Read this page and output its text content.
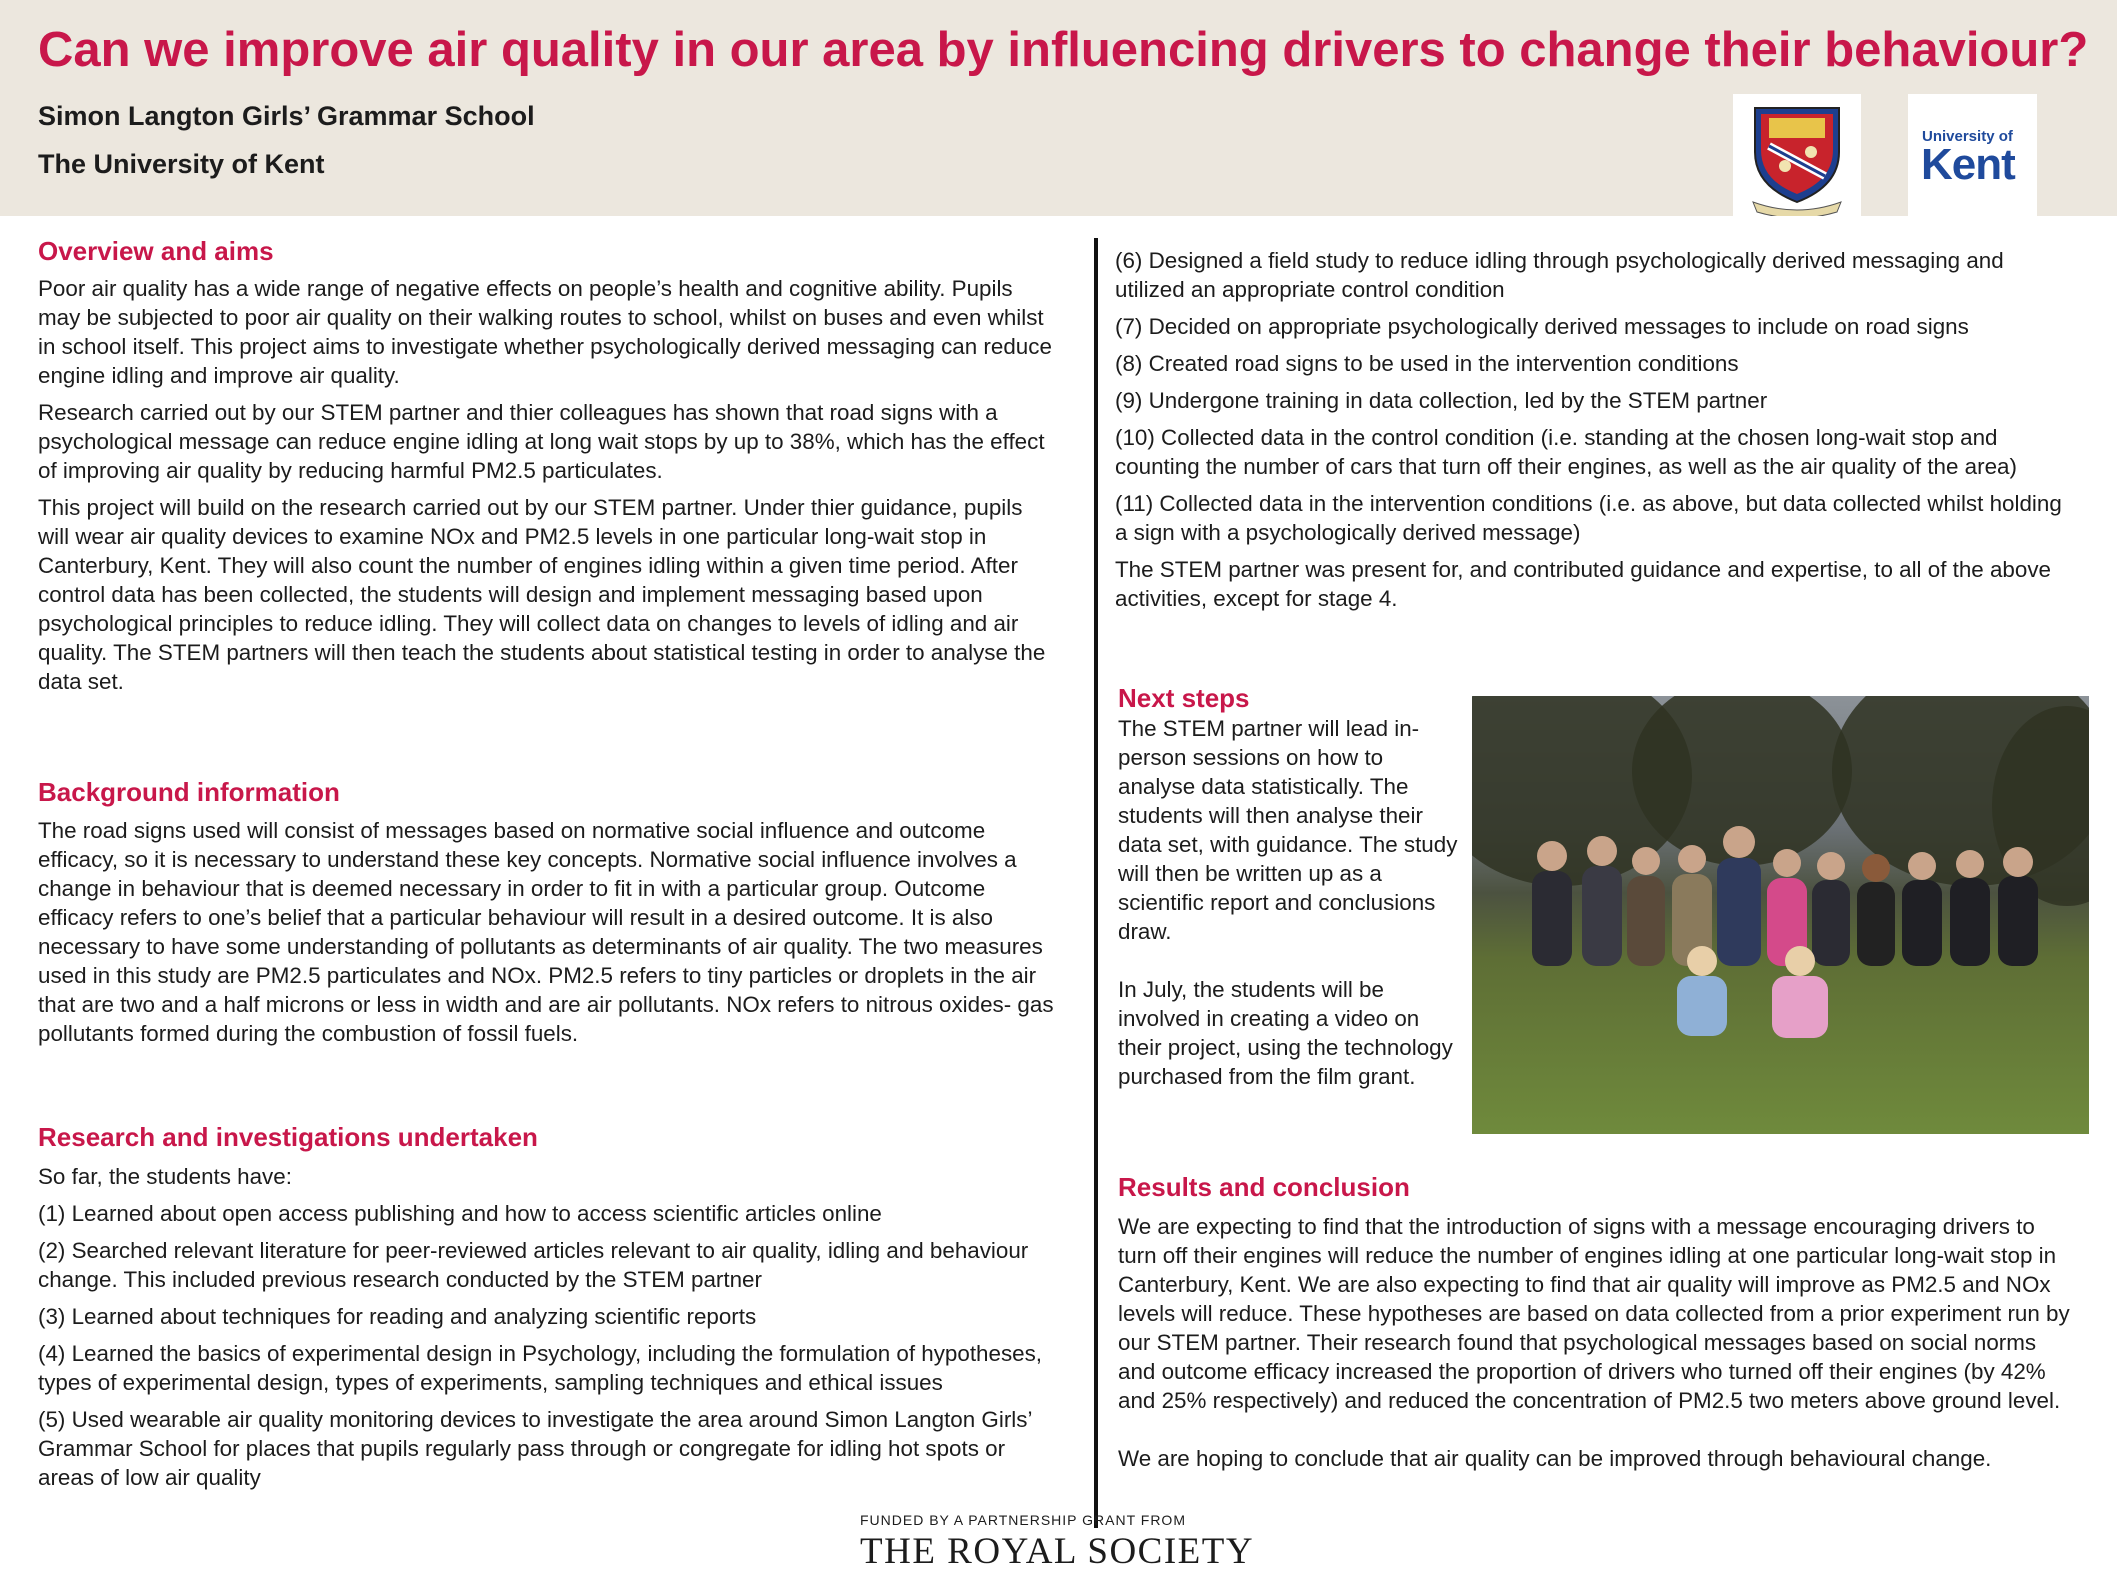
Can we improve air quality in our area by influencing drivers to change their behaviour?
Simon Langton Girls’ Grammar School
The University of Kent
University of
Kent
Overview and aims

Poor air quality has a wide range of negative effects on people’s health and cognitive ability. Pupils may be subjected to poor air quality on their walking routes to school, whilst on buses and even whilst in school itself. This project aims to investigate whether psychologically derived messaging can reduce engine idling and improve air quality.

Research carried out by our STEM partner and thier colleagues has shown that road signs with a psychological message can reduce engine idling at long wait stops by up to 38%, which has the effect of improving air quality by reducing harmful PM2.5 particulates.

This project will build on the research carried out by our STEM partner. Under thier guidance, pupils will wear air quality devices to examine NOx and PM2.5 levels in one particular long-wait stop in Canterbury, Kent. They will also count the number of engines idling within a given time period. After control data has been collected, the students will design and implement messaging based upon psychological principles to reduce idling. They will collect data on changes to levels of idling and air quality. The STEM partners will then teach the students about statistical testing in order to analyse the data set.

Background information

The road signs used will consist of messages based on normative social influence and outcome efficacy, so it is necessary to understand these key concepts. Normative social influence involves a change in behaviour that is deemed necessary in order to fit in with a particular group. Outcome efficacy refers to one’s belief that a particular behaviour will result in a desired outcome. It is also necessary to have some understanding of pollutants as determinants of air quality. The two measures used in this study are PM2.5 particulates and NOx. PM2.5 refers to tiny particles or droplets in the air that are two and a half microns or less in width and are air pollutants. NOx refers to nitrous oxides- gas pollutants formed during the combustion of fossil fuels.

Research and investigations undertaken

So far, the students have:

(1) Learned about open access publishing and how to access scientific articles online

(2) Searched relevant literature for peer-reviewed articles relevant to air quality, idling and behaviour change. This included previous research conducted by the STEM partner

(3) Learned about techniques for reading and analyzing scientific reports

(4) Learned the basics of experimental design in Psychology, including the formulation of hypotheses, types of experimental design, types of experiments, sampling techniques and ethical issues

(5) Used wearable air quality monitoring devices to investigate the area around Simon Langton Girls’ Grammar School for places that pupils regularly pass through or congregate for idling hot spots or areas of low air quality

(6) Designed a field study to reduce idling through psychologically derived messaging and utilized an appropriate control condition

(7) Decided on appropriate psychologically derived messages to include on road signs

(8) Created road signs to be used in the intervention conditions

(9) Undergone training in data collection, led by the STEM partner

(10) Collected data in the control condition (i.e. standing at the chosen long-wait stop and counting the number of cars that turn off their engines, as well as the air quality of the area)

(11) Collected data in the intervention conditions (i.e. as above, but data collected whilst holding a sign with a psychologically derived message)

The STEM partner was present for, and contributed guidance and expertise, to all of the above activities, except for stage 4.

Next steps

The STEM partner will lead in-person sessions on how to analyse data statistically. The students will then analyse their data set, with guidance. The study will then be written up as a scientific report and conclusions draw.

In July, the students will be involved in creating a video on their project, using the technology purchased from the film grant.

Results and conclusion

We are expecting to find that the introduction of signs with a message encouraging drivers to turn off their engines will reduce the number of engines idling at one particular long-wait stop in Canterbury, Kent. We are also expecting to find that air quality will improve as PM2.5 and NOx levels will reduce. These hypotheses are based on data collected from a prior experiment run by our STEM partner. Their research found that psychological messages based on social norms and outcome efficacy increased the proportion of drivers who turned off their engines (by 42% and 25% respectively) and reduced the concentration of PM2.5 two meters above ground level.

We are hoping to conclude that air quality can be improved through behavioural change.

FUNDED BY A PARTNERSHIP GRANT FROM
THE ROYAL SOCIETY
